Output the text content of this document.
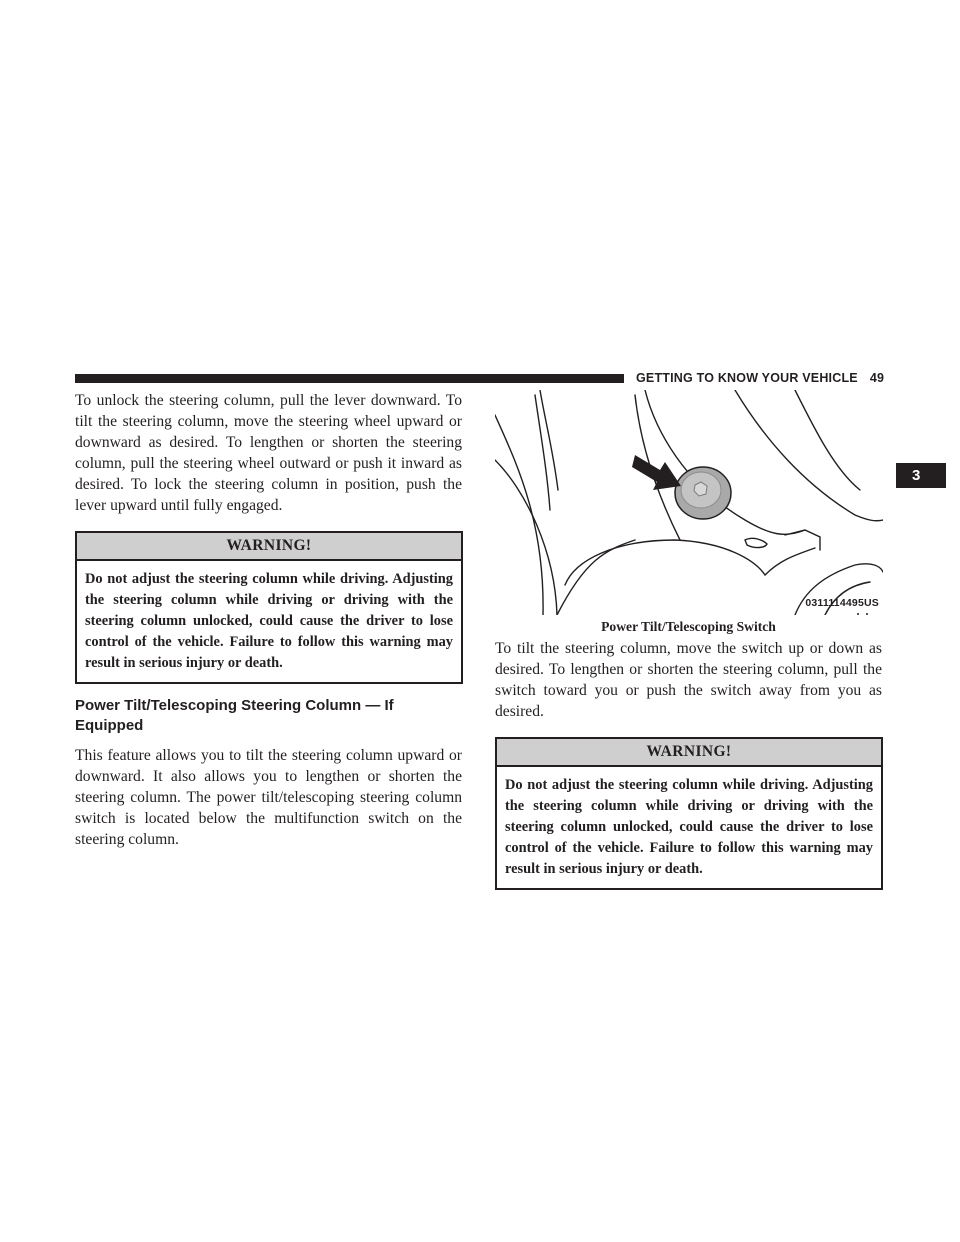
GETTING TO KNOW YOUR VEHICLE 49
3

To unlock the steering column, pull the lever downward. To tilt the steering column, move the steering wheel upward or downward as desired. To lengthen or shorten the steering column, pull the steering wheel outward or push it inward as desired. To lock the steering column in position, push the lever upward until fully engaged.

WARNING!
Do not adjust the steering column while driving. Adjusting the steering column while driving or driving with the steering column unlocked, could cause the driver to lose control of the vehicle. Failure to follow this warning may result in serious injury or death.
Power Tilt/Telescoping Steering Column — If Equipped

This feature allows you to tilt the steering column upward or downward. It also allows you to lengthen or shorten the steering column. The power tilt/telescoping steering column switch is located below the multifunction switch on the steering column.

0311114495US
Power Tilt/Telescoping Switch

To tilt the steering column, move the switch up or down as desired. To lengthen or shorten the steering column, pull the switch toward you or push the switch away from you as desired.

WARNING!
Do not adjust the steering column while driving. Adjusting the steering column while driving or driving with the steering column unlocked, could cause the driver to lose control of the vehicle. Failure to follow this warning may result in serious injury or death.
